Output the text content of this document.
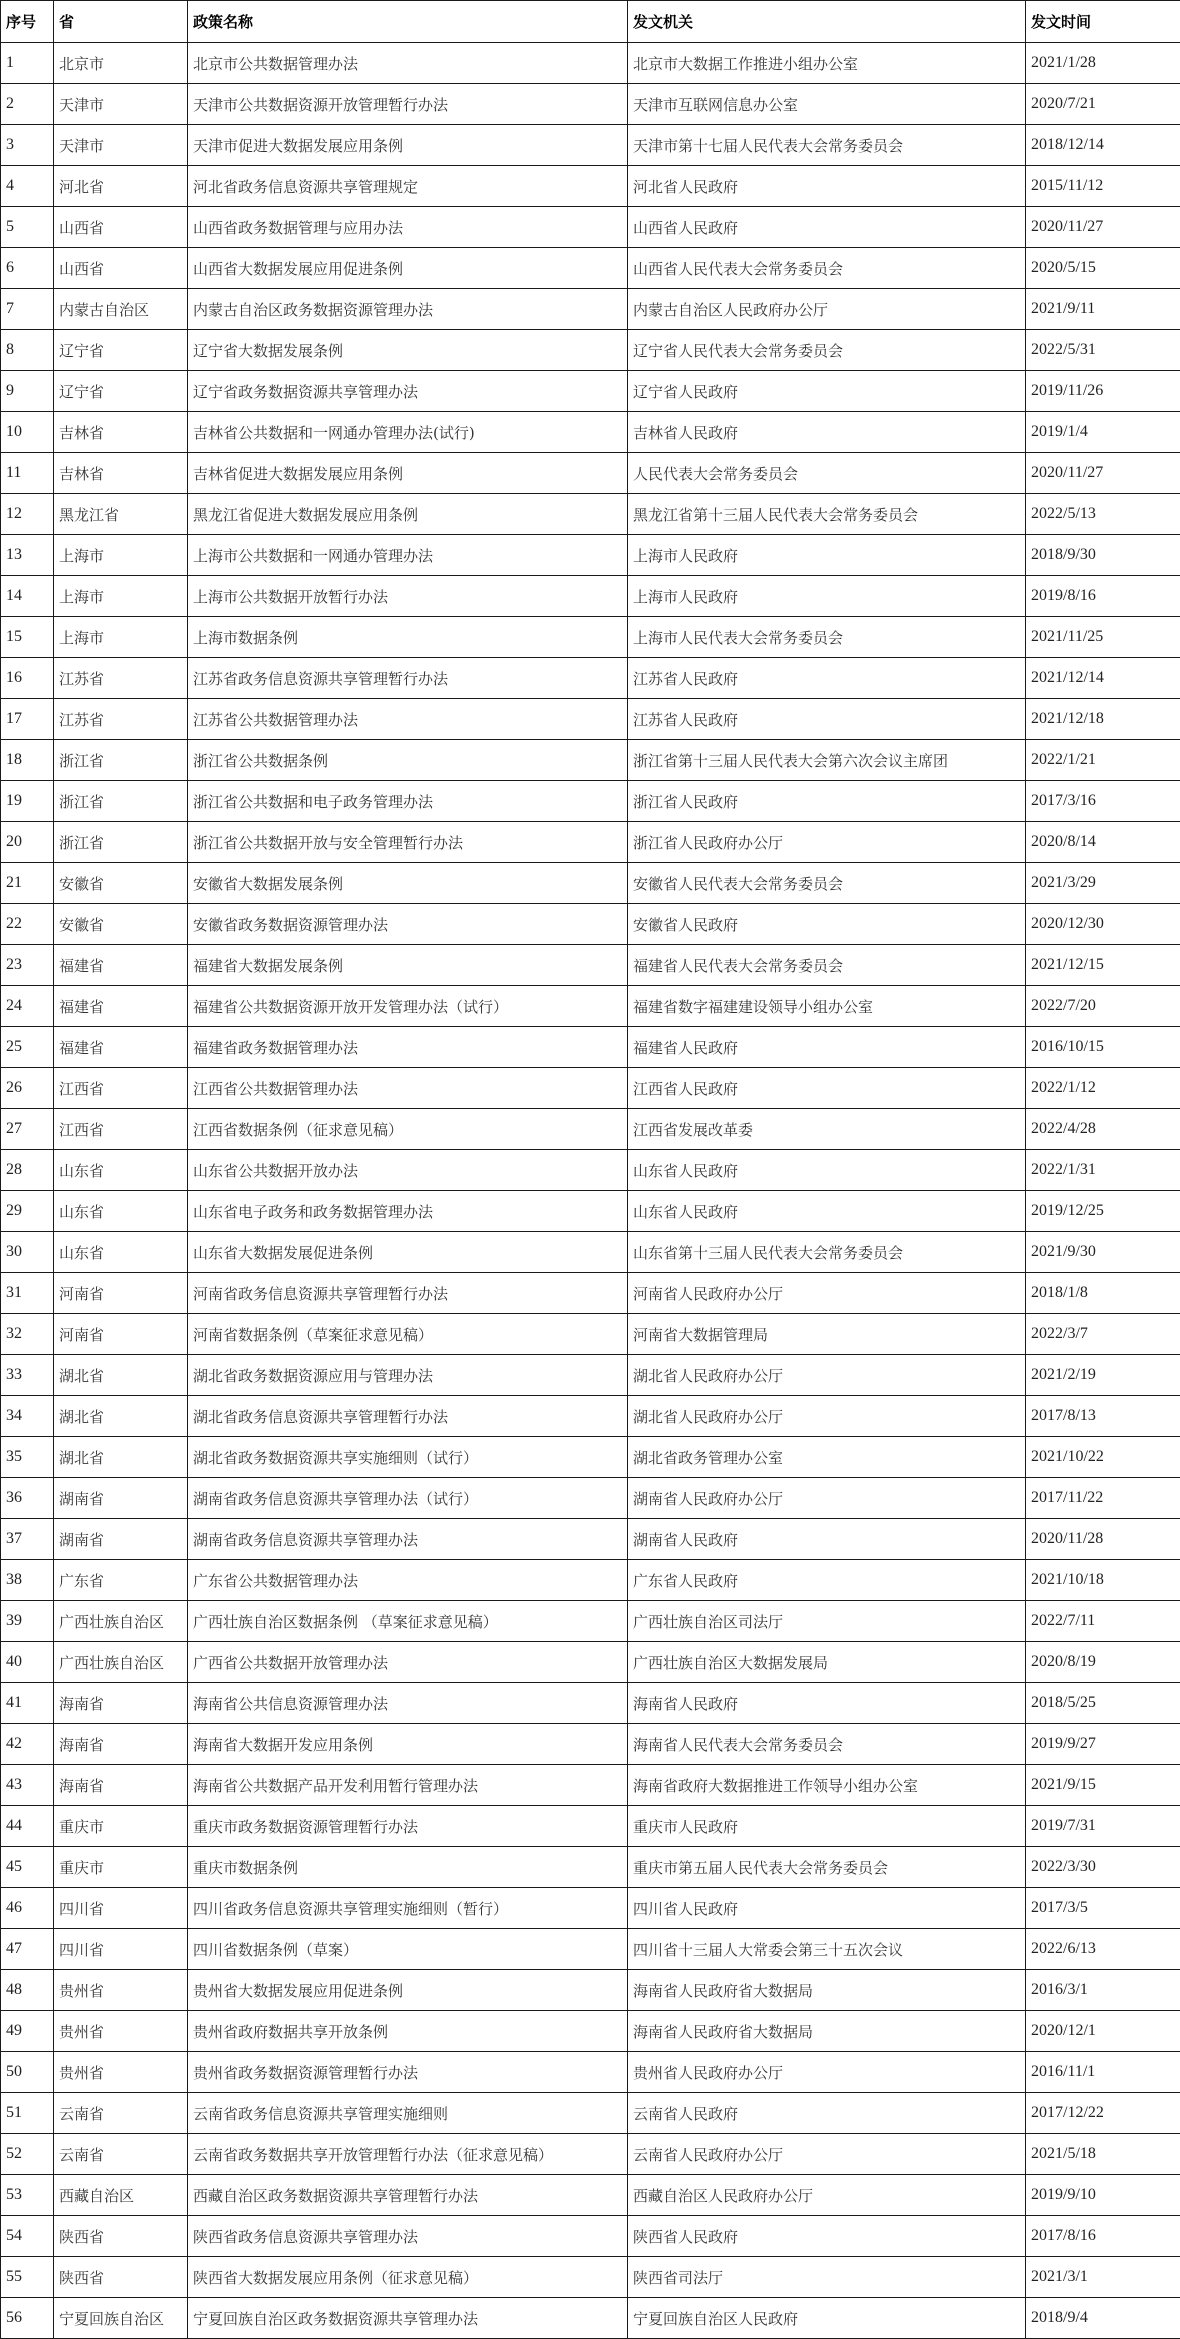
序号	省	政策名称	发文机关	发文时间
1	北京市	北京市公共数据管理办法	北京市大数据工作推进小组办公室	2021/1/28
2	天津市	天津市公共数据资源开放管理暂行办法	天津市互联网信息办公室	2020/7/21
3	天津市	天津市促进大数据发展应用条例	天津市第十七届人民代表大会常务委员会	2018/12/14
4	河北省	河北省政务信息资源共享管理规定	河北省人民政府	2015/11/12
5	山西省	山西省政务数据管理与应用办法	山西省人民政府	2020/11/27
6	山西省	山西省大数据发展应用促进条例	山西省人民代表大会常务委员会	2020/5/15
7	内蒙古自治区	内蒙古自治区政务数据资源管理办法	内蒙古自治区人民政府办公厅	2021/9/11
8	辽宁省	辽宁省大数据发展条例	辽宁省人民代表大会常务委员会	2022/5/31
9	辽宁省	辽宁省政务数据资源共享管理办法	辽宁省人民政府	2019/11/26
10	吉林省	吉林省公共数据和一网通办管理办法(试行)	吉林省人民政府	2019/1/4
11	吉林省	吉林省促进大数据发展应用条例	人民代表大会常务委员会	2020/11/27
12	黑龙江省	黑龙江省促进大数据发展应用条例	黑龙江省第十三届人民代表大会常务委员会	2022/5/13
13	上海市	上海市公共数据和一网通办管理办法	上海市人民政府	2018/9/30
14	上海市	上海市公共数据开放暂行办法	上海市人民政府	2019/8/16
15	上海市	上海市数据条例	上海市人民代表大会常务委员会	2021/11/25
16	江苏省	江苏省政务信息资源共享管理暂行办法	江苏省人民政府	2021/12/14
17	江苏省	江苏省公共数据管理办法	江苏省人民政府	2021/12/18
18	浙江省	浙江省公共数据条例	浙江省第十三届人民代表大会第六次会议主席团	2022/1/21
19	浙江省	浙江省公共数据和电子政务管理办法	浙江省人民政府	2017/3/16
20	浙江省	浙江省公共数据开放与安全管理暂行办法	浙江省人民政府办公厅	2020/8/14
21	安徽省	安徽省大数据发展条例	安徽省人民代表大会常务委员会	2021/3/29
22	安徽省	安徽省政务数据资源管理办法	安徽省人民政府	2020/12/30
23	福建省	福建省大数据发展条例	福建省人民代表大会常务委员会	2021/12/15
24	福建省	福建省公共数据资源开放开发管理办法（试行）	福建省数字福建建设领导小组办公室	2022/7/20
25	福建省	福建省政务数据管理办法	福建省人民政府	2016/10/15
26	江西省	江西省公共数据管理办法	江西省人民政府	2022/1/12
27	江西省	江西省数据条例（征求意见稿）	江西省发展改革委	2022/4/28
28	山东省	山东省公共数据开放办法	山东省人民政府	2022/1/31
29	山东省	山东省电子政务和政务数据管理办法	山东省人民政府	2019/12/25
30	山东省	山东省大数据发展促进条例	山东省第十三届人民代表大会常务委员会	2021/9/30
31	河南省	河南省政务信息资源共享管理暂行办法	河南省人民政府办公厅	2018/1/8
32	河南省	河南省数据条例（草案征求意见稿）	河南省大数据管理局	2022/3/7
33	湖北省	湖北省政务数据资源应用与管理办法	湖北省人民政府办公厅	2021/2/19
34	湖北省	湖北省政务信息资源共享管理暂行办法	湖北省人民政府办公厅	2017/8/13
35	湖北省	湖北省政务数据资源共享实施细则（试行）	湖北省政务管理办公室	2021/10/22
36	湖南省	湖南省政务信息资源共享管理办法（试行）	湖南省人民政府办公厅	2017/11/22
37	湖南省	湖南省政务信息资源共享管理办法	湖南省人民政府	2020/11/28
38	广东省	广东省公共数据管理办法	广东省人民政府	2021/10/18
39	广西壮族自治区	广西壮族自治区数据条例 （草案征求意见稿）	广西壮族自治区司法厅	2022/7/11
40	广西壮族自治区	广西省公共数据开放管理办法	广西壮族自治区大数据发展局	2020/8/19
41	海南省	海南省公共信息资源管理办法	海南省人民政府	2018/5/25
42	海南省	海南省大数据开发应用条例	海南省人民代表大会常务委员会	2019/9/27
43	海南省	海南省公共数据产品开发利用暂行管理办法	海南省政府大数据推进工作领导小组办公室	2021/9/15
44	重庆市	重庆市政务数据资源管理暂行办法	重庆市人民政府	2019/7/31
45	重庆市	重庆市数据条例	重庆市第五届人民代表大会常务委员会	2022/3/30
46	四川省	四川省政务信息资源共享管理实施细则（暂行）	四川省人民政府	2017/3/5
47	四川省	四川省数据条例（草案）	四川省十三届人大常委会第三十五次会议	2022/6/13
48	贵州省	贵州省大数据发展应用促进条例	海南省人民政府省大数据局	2016/3/1
49	贵州省	贵州省政府数据共享开放条例	海南省人民政府省大数据局	2020/12/1
50	贵州省	贵州省政务数据资源管理暂行办法	贵州省人民政府办公厅	2016/11/1
51	云南省	云南省政务信息资源共享管理实施细则	云南省人民政府	2017/12/22
52	云南省	云南省政务数据共享开放管理暂行办法（征求意见稿）	云南省人民政府办公厅	2021/5/18
53	西藏自治区	西藏自治区政务数据资源共享管理暂行办法	西藏自治区人民政府办公厅	2019/9/10
54	陕西省	陕西省政务信息资源共享管理办法	陕西省人民政府	2017/8/16
55	陕西省	陕西省大数据发展应用条例（征求意见稿）	陕西省司法厅	2021/3/1
56	宁夏回族自治区	宁夏回族自治区政务数据资源共享管理办法	宁夏回族自治区人民政府	2018/9/4
